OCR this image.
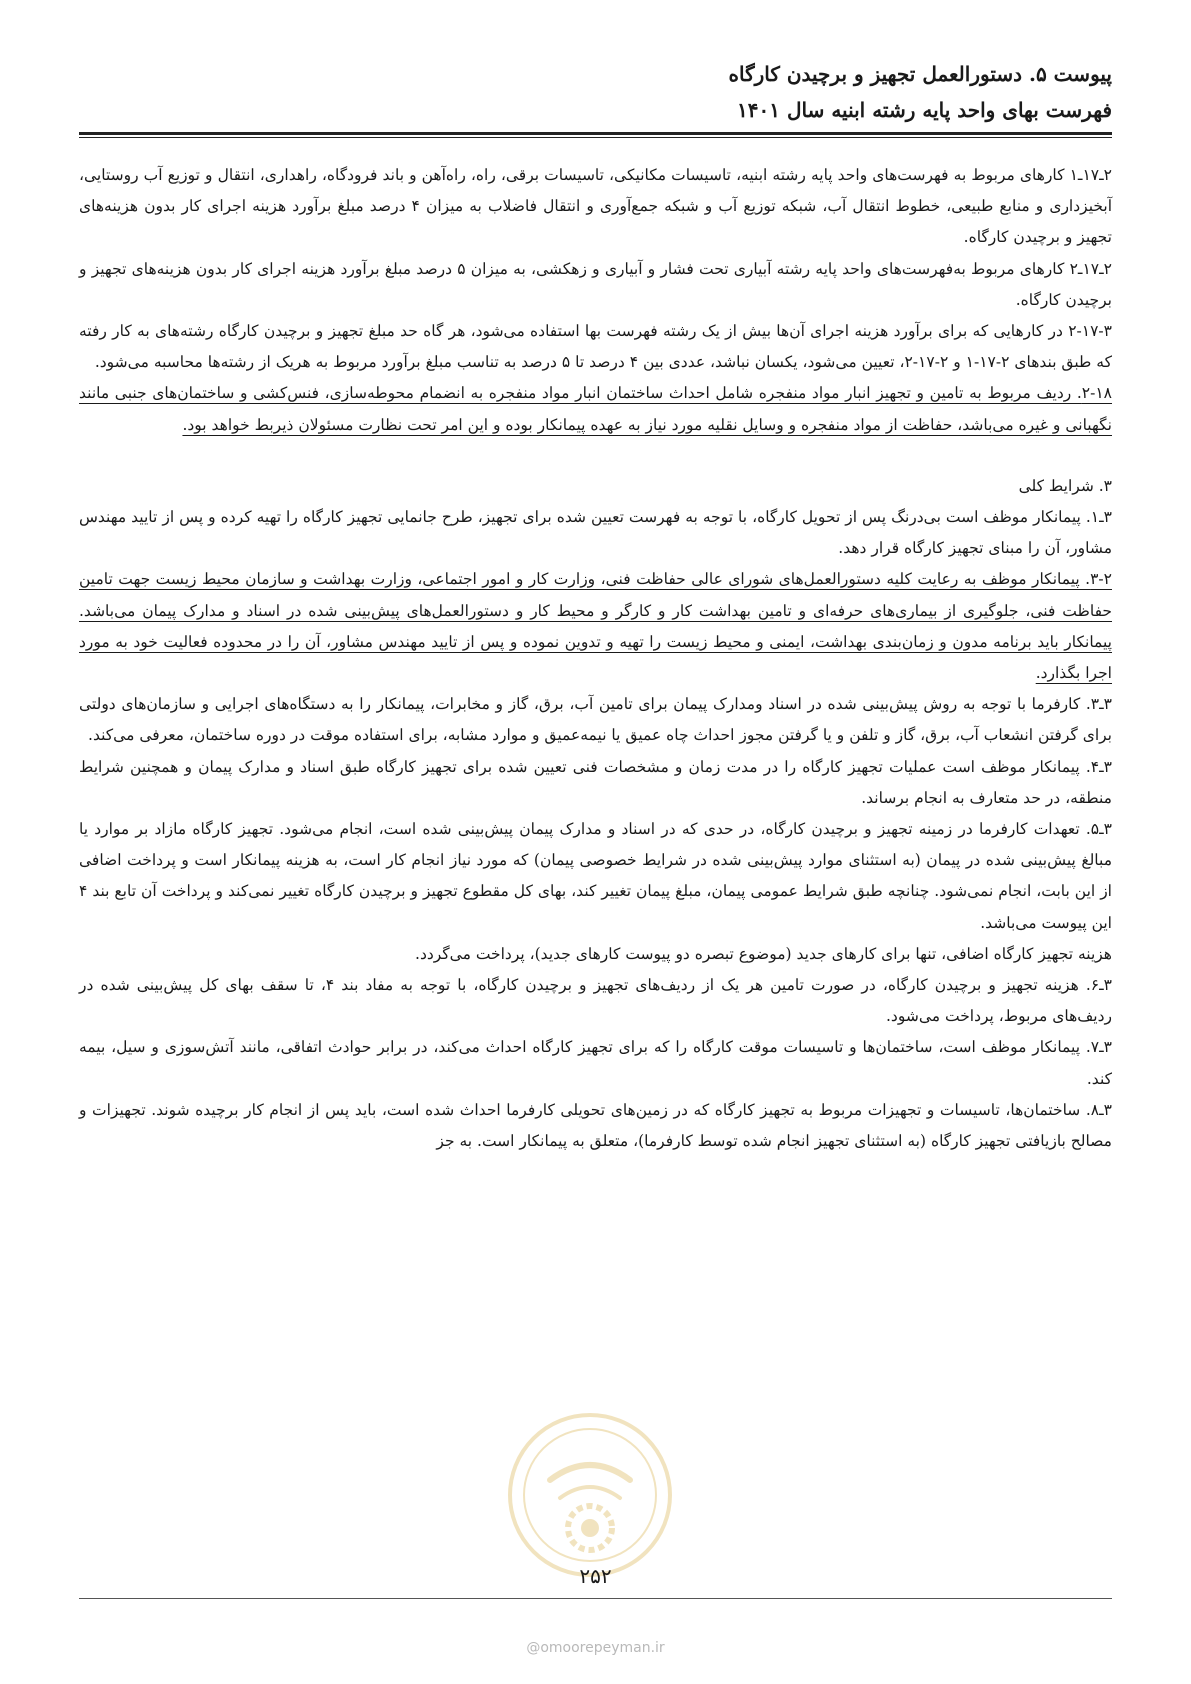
پیوست ۵. دستورالعمل تجهیز و برچیدن کارگاه
فهرست بهای واحد پایه رشته ابنیه سال ۱۴۰۱

۲ـ۱۷ـ۱ کارهای مربوط به فهرست‌های واحد پایه رشته ابنیه، تاسیسات مکانیکی، تاسیسات برقی، راه، راه‌آهن و باند فرودگاه، راهداری، انتقال و توزیع آب روستایی، آبخیزداری و منابع طبیعی، خطوط انتقال آب، شبکه توزیع آب و شبکه جمع‌آوری و انتقال فاضلاب به میزان ۴ درصد مبلغ برآورد هزینه اجرای کار بدون هزینه‌های تجهیز و برچیدن کارگاه.

۲ـ۱۷ـ۲ کارهای مربوط به‌فهرست‌های واحد پایه رشته آبیاری تحت فشار و آبیاری و زهکشی، به میزان ۵ درصد مبلغ برآورد هزینه اجرای کار بدون هزینه‌های تجهیز و برچیدن کارگاه.

۲-۱۷-۳ در کارهایی که برای برآورد هزینه اجرای آن‌ها بیش از یک رشته فهرست بها استفاده می‌شود، هر گاه حد مبلغ تجهیز و برچیدن کارگاه رشته‌های به کار رفته که طبق بندهای ۲-۱۷-۱ و ۲-۱۷-۲، تعیین می‌شود، یکسان نباشد، عددی بین ۴ درصد تا ۵ درصد به تناسب مبلغ برآورد مربوط به هریک از رشته‌ها محاسبه می‌شود.

۲-۱۸. ردیف مربوط به تامین و تجهیز انبار مواد منفجره شامل احداث ساختمان انبار مواد منفجره به انضمام محوطه‌سازی، فنس‌کشی و ساختمان‌های جنبی مانند نگهبانی و غیره می‌باشد، حفاظت از مواد منفجره و وسایل نقلیه مورد نیاز به عهده پیمانکار بوده و این امر تحت نظارت مسئولان ذیربط خواهد بود.

۳. شرایط کلی

۳ـ۱. پیمانکار موظف است بی‌درنگ پس از تحویل کارگاه، با توجه به فهرست تعیین شده برای تجهیز، طرح جانمایی تجهیز کارگاه را تهیه کرده و پس از تایید مهندس مشاور، آن را مبنای تجهیز کارگاه قرار دهد.

۳-۲. پیمانکار موظف به رعایت کلیه دستورالعمل‌های شورای عالی حفاظت فنی، وزارت کار و امور اجتماعی، وزارت بهداشت و سازمان محیط زیست جهت تامین حفاظت فنی، جلوگیری از بیماری‌های حرفه‌ای و تامین بهداشت کار و کارگر و محیط کار و دستورالعمل‌های پیش‌بینی شده در اسناد و مدارک پیمان می‌باشد. پیمانکار باید برنامه مدون و زمان‌بندی بهداشت، ایمنی و محیط زیست را تهیه و تدوین نموده و پس از تایید مهندس مشاور، آن را در محدوده فعالیت خود به مورد اجرا بگذارد.

۳ـ۳. کارفرما با توجه به روش پیش‌بینی شده در اسناد ومدارک پیمان برای تامین آب، برق، گاز و مخابرات، پیمانکار را به دستگاه‌های اجرایی و سازمان‌های دولتی برای گرفتن انشعاب آب، برق، گاز و تلفن و یا گرفتن مجوز احداث چاه عمیق یا نیمه‌عمیق و موارد مشابه، برای استفاده موقت در دوره ساختمان، معرفی می‌کند.

۳ـ۴. پیمانکار موظف است عملیات تجهیز کارگاه را در مدت زمان و مشخصات فنی تعیین شده برای تجهیز کارگاه طبق اسناد و مدارک پیمان و همچنین شرایط منطقه، در حد متعارف به انجام برساند.

۳ـ۵. تعهدات کارفرما در زمینه تجهیز و برچیدن کارگاه، در حدی که در اسناد و مدارک پیمان پیش‌بینی شده است، انجام می‌شود. تجهیز کارگاه مازاد بر موارد یا مبالغ پیش‌بینی شده در پیمان (به استثنای موارد پیش‌بینی شده در شرایط خصوصی پیمان) که مورد نیاز انجام کار است، به هزینه پیمانکار است و پرداخت اضافی از این بابت، انجام نمی‌شود. چنانچه طبق شرایط عمومی پیمان، مبلغ پیمان تغییر کند، بهای کل مقطوع تجهیز و برچیدن کارگاه تغییر نمی‌کند و پرداخت آن تابع بند ۴ این پیوست می‌باشد.

هزینه تجهیز کارگاه اضافی، تنها برای کارهای جدید (موضوع تبصره دو پیوست کارهای جدید)، پرداخت می‌گردد.

۳ـ۶. هزینه تجهیز و برچیدن کارگاه، در صورت تامین هر یک از ردیف‌های تجهیز و برچیدن کارگاه، با توجه به مفاد بند ۴، تا سقف بهای کل پیش‌بینی شده در ردیف‌های مربوط، پرداخت می‌شود.

۳ـ۷. پیمانکار موظف است، ساختمان‌ها و تاسیسات موقت کارگاه را که برای تجهیز کارگاه احداث می‌کند، در برابر حوادث اتفاقی، مانند آتش‌سوزی و سیل، بیمه کند.

۳ـ۸. ساختمان‌ها، تاسیسات و تجهیزات مربوط به تجهیز کارگاه که در زمین‌های تحویلی کارفرما احداث شده است، باید پس از انجام کار برچیده شوند. تجهیزات و مصالح بازیافتی تجهیز کارگاه (به استثنای تجهیز انجام شده توسط کارفرما)، متعلق به پیمانکار است. به جز

۲۵۲
@omoorepeyman.ir
